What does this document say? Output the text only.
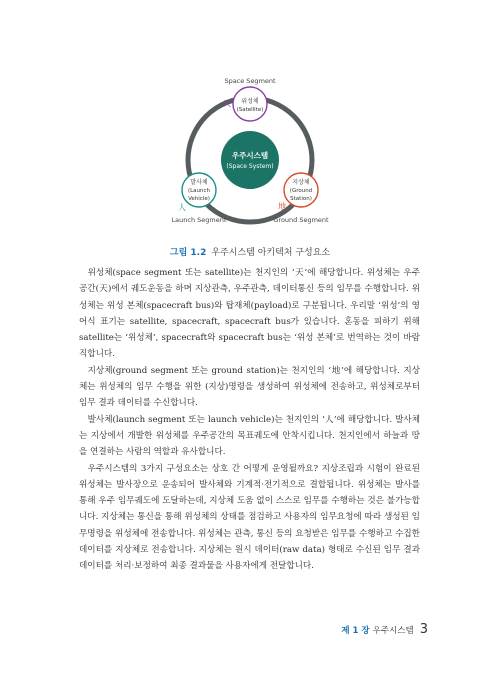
우주시스템
(Space System)
Space Segment
위성체
(Satellite)
天
발사체
(Launch
Vehicle)
人
Launch Segment
지상체
(Ground
Station)
地
Ground Segment
그림 1.2 우주시스템 아키텍처 구성요소

위성체(space segment 또는 satellite)는 천지인의 ‘天’에 해당합니다. 위성체는 우주공간(天)에서 궤도운동을 하며 지상관측, 우주관측, 데이터통신 등의 임무를 수행합니다. 위성체는 위성 본체(spacecraft bus)와 탑재체(payload)로 구분됩니다. 우리말 ‘위성’의 영어식 표기는 satellite, spacecraft, spacecraft bus가 있습니다. 혼동을 피하기 위해 satellite는 ‘위성체’, spacecraft와 spacecraft bus는 ‘위성 본체’로 번역하는 것이 바람직합니다.

지상체(ground segment 또는 ground station)는 천지인의 ‘地’에 해당합니다. 지상체는 위성체의 임무 수행을 위한 (지상)명령을 생성하여 위성체에 전송하고, 위성체로부터 임무 결과 데이터를 수신합니다.

발사체(launch segment 또는 launch vehicle)는 천지인의 ‘人’에 해당합니다. 발사체는 지상에서 개발한 위성체를 우주공간의 목표궤도에 안착시킵니다. 천지인에서 하늘과 땅을 연결하는 사람의 역할과 유사합니다.

우주시스템의 3가지 구성요소는 상호 간 어떻게 운영될까요? 지상조립과 시험이 완료된 위성체는 발사장으로 운송되어 발사체와 기계적·전기적으로 결합됩니다. 위성체는 발사를 통해 우주 임무궤도에 도달하는데, 지상체 도움 없이 스스로 임무를 수행하는 것은 불가능합니다. 지상체는 통신을 통해 위성체의 상태를 점검하고 사용자의 임무요청에 따라 생성된 임무명령을 위성체에 전송합니다. 위성체는 관측, 통신 등의 요청받은 임무를 수행하고 수집한 데이터를 지상체로 전송합니다. 지상체는 원시 데이터(raw data) 형태로 수신된 임무 결과 데이터를 처리·보정하여 최종 결과물을 사용자에게 전달합니다.

제 1 장 우주시스템 3
